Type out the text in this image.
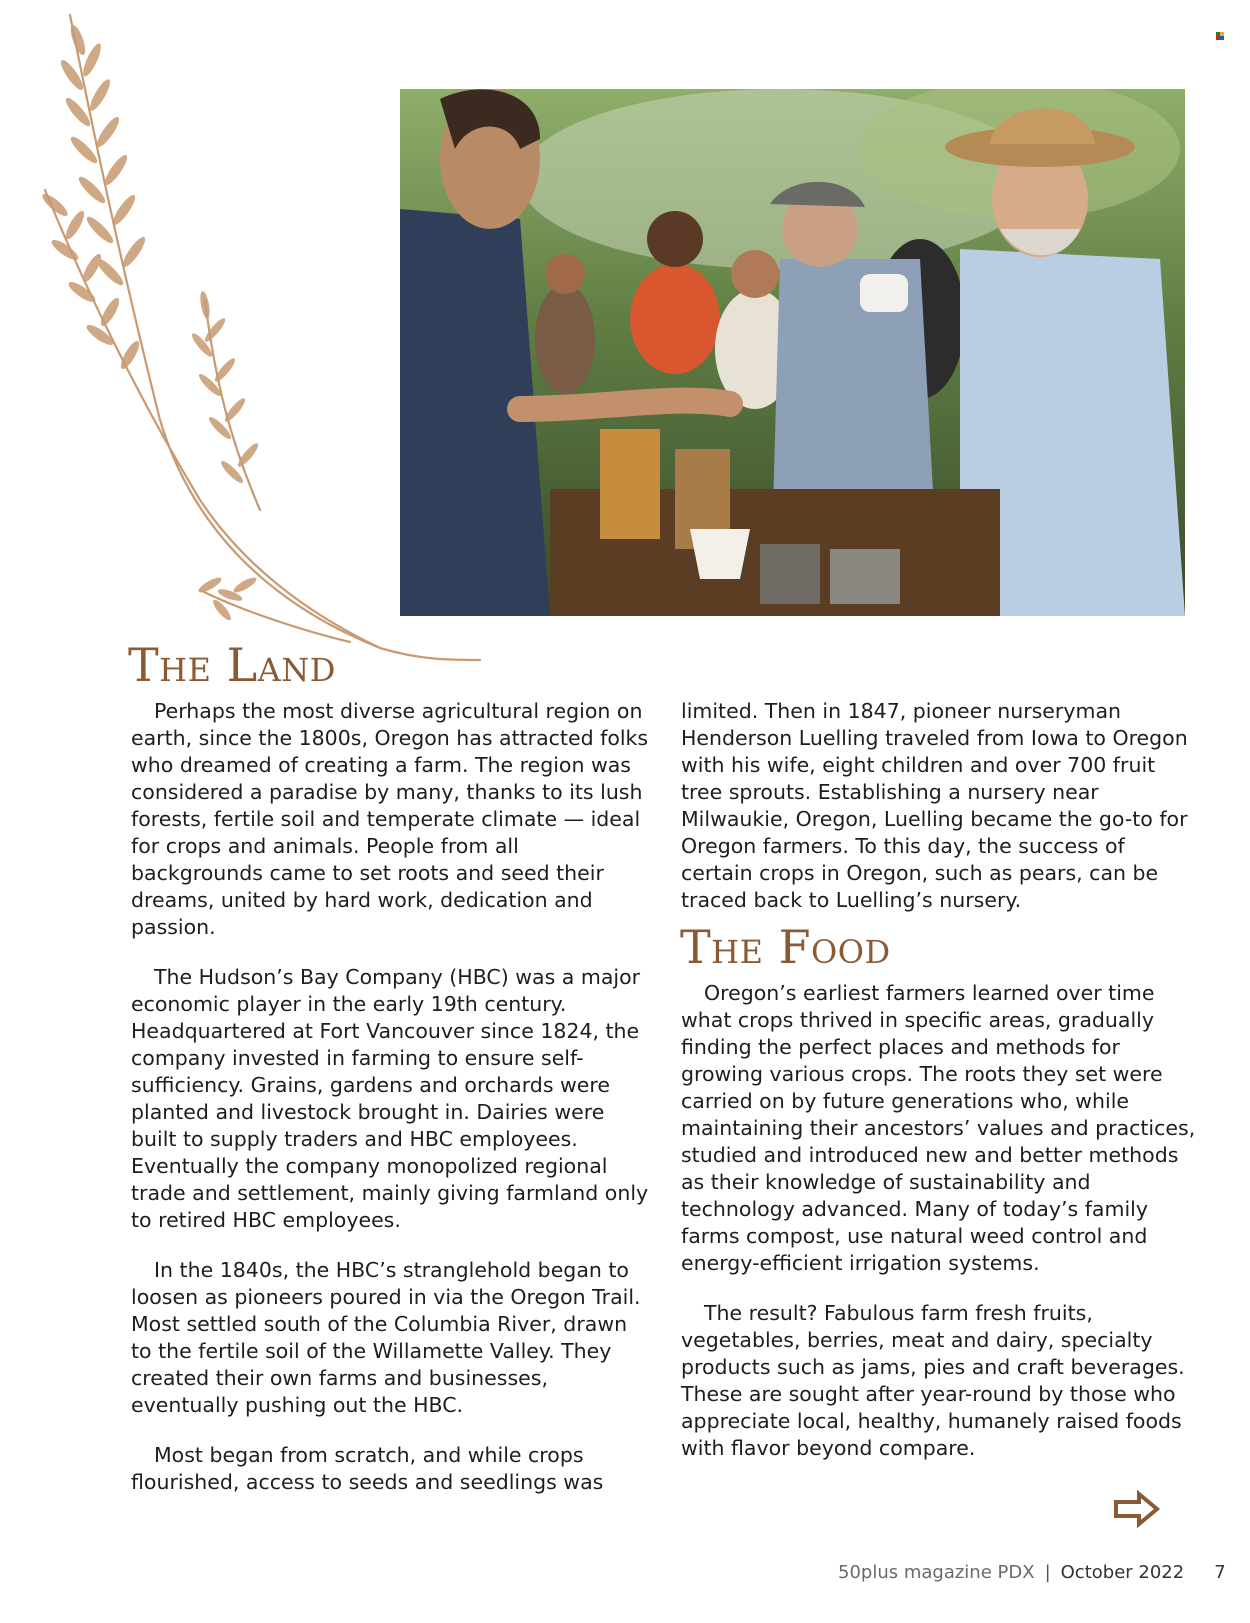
The Land

Perhaps the most diverse agricultural region on earth, since the 1800s, Oregon has attracted folks who dreamed of creating a farm. The region was considered a paradise by many, thanks to its lush forests, fertile soil and temperate climate — ideal for crops and animals. People from all backgrounds came to set roots and seed their dreams, united by hard work, dedication and passion.

The Hudson’s Bay Company (HBC) was a major economic player in the early 19th century. Headquartered at Fort Vancouver since 1824, the company invested in farming to ensure self-sufficiency. Grains, gardens and orchards were planted and livestock brought in. Dairies were built to supply traders and HBC employees. Eventually the company monopolized regional trade and settlement, mainly giving farmland only to retired HBC employees.

In the 1840s, the HBC’s stranglehold began to loosen as pioneers poured in via the Oregon Trail. Most settled south of the Columbia River, drawn to the fertile soil of the Willamette Valley. They created their own farms and businesses, eventually pushing out the HBC.

Most began from scratch, and while crops flourished, access to seeds and seedlings was

limited. Then in 1847, pioneer nurseryman Henderson Luelling traveled from Iowa to Oregon with his wife, eight children and over 700 fruit tree sprouts. Establishing a nursery near Milwaukie, Oregon, Luelling became the go-to for Oregon farmers. To this day, the success of certain crops in Oregon, such as pears, can be traced back to Luelling’s nursery.

The Food

Oregon’s earliest farmers learned over time what crops thrived in specific areas, gradually finding the perfect places and methods for growing various crops. The roots they set were carried on by future generations who, while maintaining their ancestors’ values and practices, studied and introduced new and better methods as their knowledge of sustainability and technology advanced. Many of today’s family farms compost, use natural weed control and energy-efficient irrigation systems.

The result? Fabulous farm fresh fruits, vegetables, berries, meat and dairy, specialty products such as jams, pies and craft beverages. These are sought after year-round by those who appreciate local, healthy, humanely raised foods with flavor beyond compare.

50plus magazine PDX | October 2022 7
